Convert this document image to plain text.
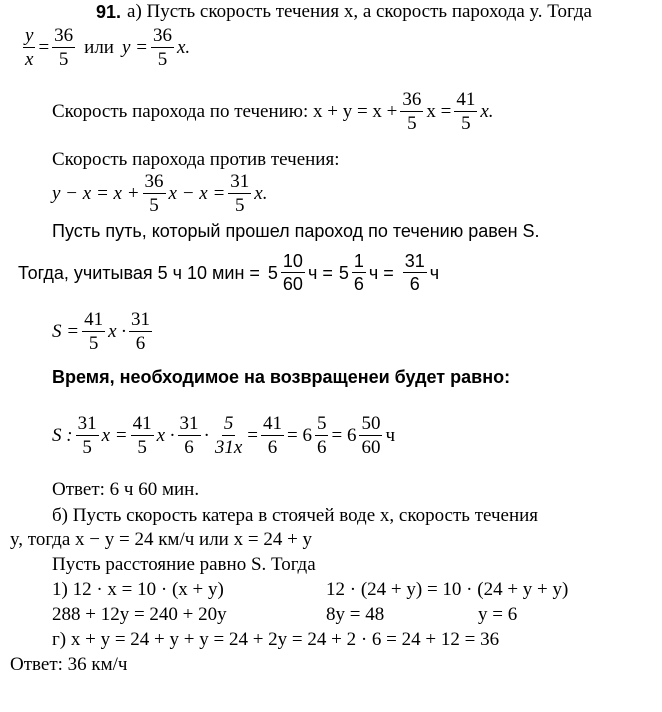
91. а) Пусть скорость течения x, а скорость парохода y. Тогда
$\frac{y}{x} = \frac{36}{5}$ или $y = \frac{36}{5} x$.
Скорость парохода по течению: $x + y = x + \frac{36}{5}$ $x = \frac{41}{5} x$.
Скорость парохода против течения:
$y - x = x + \frac{36}{5}$ $x - x = \frac{31}{5} x$.
Пусть путь, который прошел пароход по течению равен S.
Тогда, учитывая 5 ч 10 мин = $5 \frac{10}{60}$ $ч = 5 \frac{1}{6}$ $ч = \frac{31}{6}$ ч
$S = \frac{41}{5}$ $x \cdot \frac{31}{6}$
Время, необходимое на возвращенеи будет равно:
S : $\frac{31}{5}$ $x = \frac{41}{5}$ $x \cdot \frac{31}{6} \cdot \frac{5}{31x} = \frac{41}{6} = 6 \frac{5}{6} = 6 \frac{50}{60}$ ч
Ответ: 6 ч 60 мин.
б) Пусть скорость катера в стоячей воде x, скорость течения
y, тогда x − y = 24 км/ч или x = 24 + y
Пусть расстояние равно S. Тогда
1) 12 · x = 10 · (x + y)	12 · (24 + y) = 10 · (24 + y + y)
288 + 12y = 240 + 20y	8y = 48	y = 6
г) x + y = 24 + y + y = 24 + 2y = 24 + 2 · 6 = 24 + 12 = 36
Ответ: 36 км/ч
